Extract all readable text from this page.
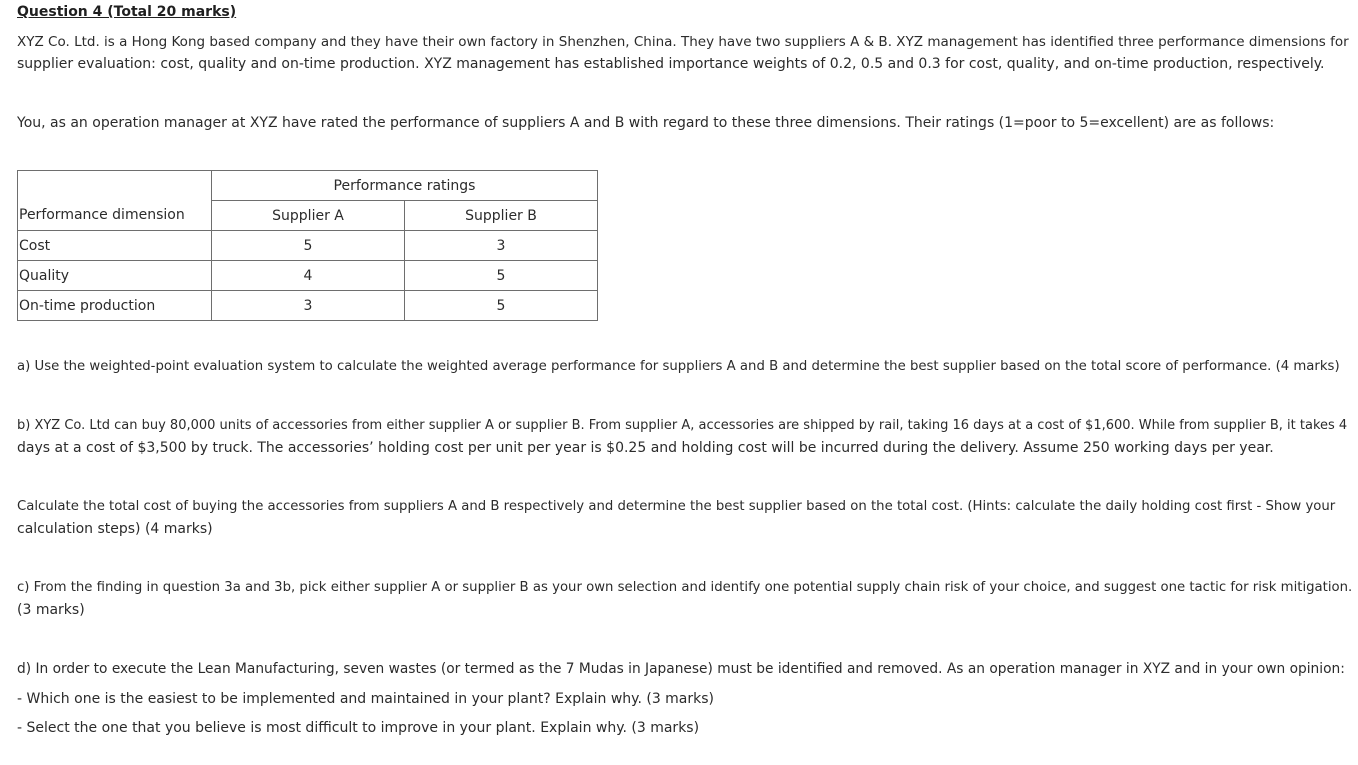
Question 4 (Total 20 marks)
XYZ Co. Ltd. is a Hong Kong based company and they have their own factory in Shenzhen, China. They have two suppliers A & B. XYZ management has identified three performance dimensions for
supplier evaluation: cost, quality and on-time production. XYZ management has established importance weights of 0.2, 0.5 and 0.3 for cost, quality, and on-time production, respectively.
You, as an operation manager at XYZ have rated the performance of suppliers A and B with regard to these three dimensions. Their ratings (1=poor to 5=excellent) are as follows:
	Performance ratings	
Performance dimension	Supplier A	Supplier B
Cost	5	3
Quality	4	5
On-time production	3	5
a) Use the weighted-point evaluation system to calculate the weighted average performance for suppliers A and B and determine the best supplier based on the total score of performance. (4 marks)
b) XYZ Co. Ltd can buy 80,000 units of accessories from either supplier A or supplier B. From supplier A, accessories are shipped by rail, taking 16 days at a cost of $1,600. While from supplier B, it takes 4
days at a cost of $3,500 by truck. The accessories’ holding cost per unit per year is $0.25 and holding cost will be incurred during the delivery. Assume 250 working days per year.
Calculate the total cost of buying the accessories from suppliers A and B respectively and determine the best supplier based on the total cost. (Hints: calculate the daily holding cost first - Show your
calculation steps) (4 marks)
c) From the finding in question 3a and 3b, pick either supplier A or supplier B as your own selection and identify one potential supply chain risk of your choice, and suggest one tactic for risk mitigation.
(3 marks)
d) In order to execute the Lean Manufacturing, seven wastes (or termed as the 7 Mudas in Japanese) must be identified and removed. As an operation manager in XYZ and in your own opinion:
- Which one is the easiest to be implemented and maintained in your plant? Explain why. (3 marks)
- Select the one that you believe is most difficult to improve in your plant. Explain why. (3 marks)
